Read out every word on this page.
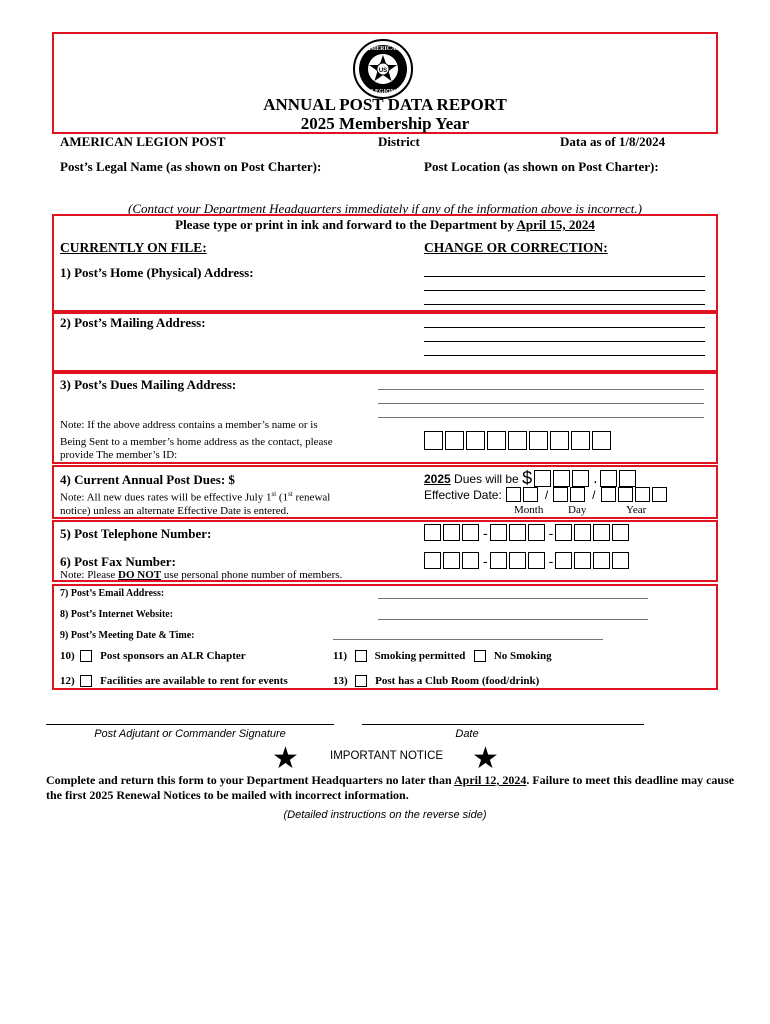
US
AMERICAN
LEGION
ANNUAL POST DATA REPORT
2025 Membership Year
AMERICAN LEGION POST	District	Data as of 1/8/2024
Post’s Legal Name (as shown on Post Charter):	Post Location (as shown on Post Charter):
(Contact your Department Headquarters immediately if any of the information above is incorrect.)
Please type or print in ink and forward to the Department by April 15, 2024
CURRENTLY ON FILE:	CHANGE OR CORRECTION:
1) Post’s Home (Physical) Address:
2) Post’s Mailing Address:
3) Post’s Dues Mailing Address:
Note: If the above address contains a member’s name or is
Being Sent to a member’s home address as the contact, please
provide The member’s ID:
4) Current Annual Post Dues: $
Note: All new dues rates will be effective July 1st (1st renewal
notice) unless an alternate Effective Date is entered.
2025 Dues will be $	.
Effective Date:	/	/
Month Day	Year
5) Post Telephone Number:	-	-
6) Post Fax Number:	-	-
Note: Please DO NOT use personal phone number of members.
7) Post’s Email Address:
8) Post’s Internet Website:
9) Post’s Meeting Date & Time:
10) Post sponsors an ALR Chapter	11)	Smoking permitted	No Smoking
12) Facilities are available to rent for events	13)	Post has a Club Room (food/drink)
Post Adjutant or Commander Signature	Date
★	IMPORTANT NOTICE ★
Complete and return this form to your Department Headquarters no later than April 12, 2024. Failure to meet this deadline may cause the first 2025 Renewal Notices to be mailed with incorrect information.
(Detailed instructions on the reverse side)
